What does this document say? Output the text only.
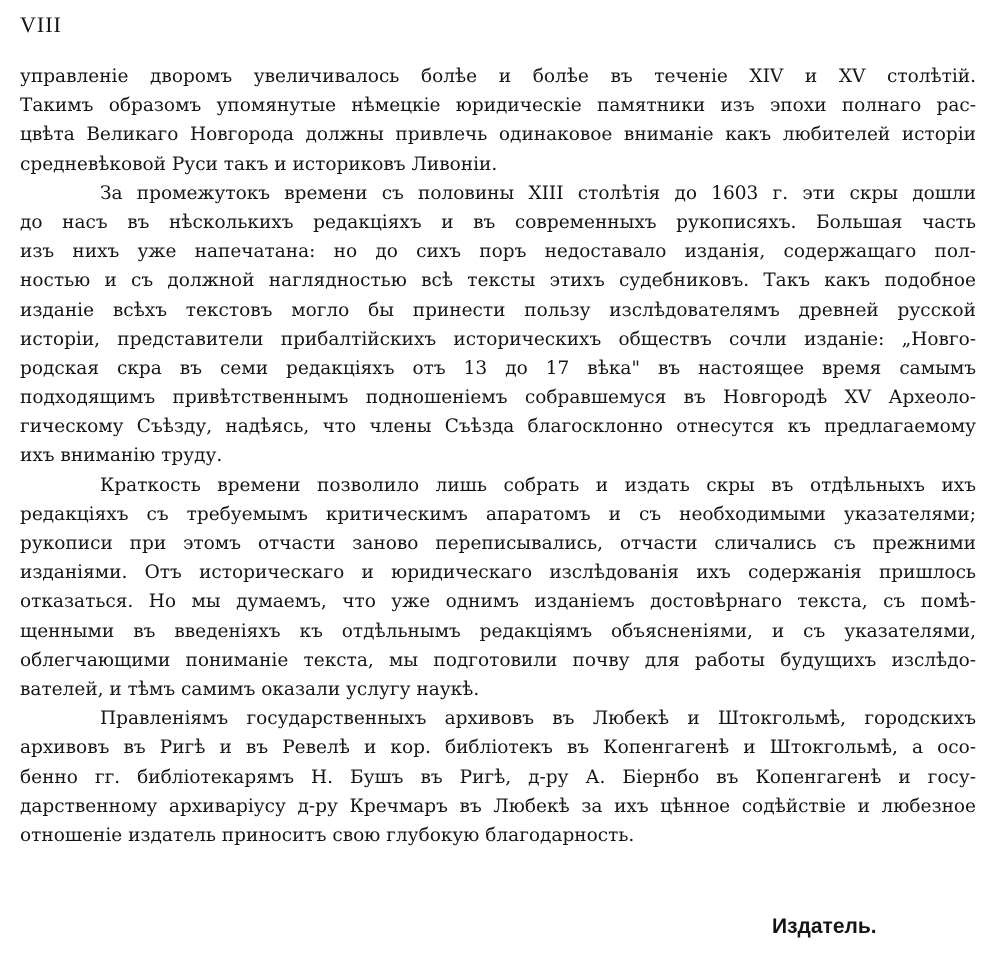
VIII
управленіе дворомъ увеличивалось болѣе и болѣе въ теченіе XIV и XV столѣтій.
Такимъ образомъ упомянутые нѣмецкіе юридическіе памятники изъ эпохи полнаго рас-
цвѣта Великаго Новгорода должны привлечь одинаковое вниманіе какъ любителей исторіи
средневѣковой Руси такъ и историковъ Ливоніи.
За промежутокъ времени съ половины XIII столѣтія до 1603 г. эти скры дошли
до насъ въ нѣсколькихъ редакціяхъ и въ современныхъ рукописяхъ. Большая часть
изъ нихъ уже напечатана: но до сихъ поръ недоставало изданія, содержащаго пол-
ностью и съ должной наглядностью всѣ тексты этихъ судебниковъ. Такъ какъ подобное
изданіе всѣхъ текстовъ могло бы принести пользу изслѣдователямъ древней русской
исторіи, представители прибалтійскихъ историческихъ обществъ сочли изданіе: „Новго-
родская скра въ семи редакціяхъ отъ 13 до 17 вѣка" въ настоящее время самымъ
подходящимъ привѣтственнымъ подношеніемъ собравшемуся въ Новгородѣ XV Археоло-
гическому Съѣзду, надѣясь, что члены Съѣзда благосклонно отнесутся къ предлагаемому
ихъ вниманію труду.
Краткость времени позволило лишь собрать и издать скры въ отдѣльныхъ ихъ
редакціяхъ съ требуемымъ критическимъ апаратомъ и съ необходимыми указателями;
рукописи при этомъ отчасти заново переписывались, отчасти сличались съ прежними
изданіями. Отъ историческаго и юридическаго изслѣдованія ихъ содержанія пришлось
отказаться. Но мы думаемъ, что уже однимъ изданіемъ достовѣрнаго текста, съ помѣ-
щенными въ введеніяхъ къ отдѣльнымъ редакціямъ объясненіями, и съ указателями,
облегчающими пониманіе текста, мы подготовили почву для работы будущихъ изслѣдо-
вателей, и тѣмъ самимъ оказали услугу наукѣ.
Правленіямъ государственныхъ архивовъ въ Любекѣ и Штокгольмѣ, городскихъ
архивовъ въ Ригѣ и въ Ревелѣ и кор. библіотекъ въ Копенгагенѣ и Штокгольмѣ, а осо-
бенно гг. библіотекарямъ Н. Бушъ въ Ригѣ, д-ру А. Біернбо въ Копенгагенѣ и госу-
дарственному архиваріусу д-ру Кречмаръ въ Любекѣ за ихъ цѣнное содѣйствіе и любезное
отношеніе издатель приноситъ свою глубокую благодарность.
Издатель.
